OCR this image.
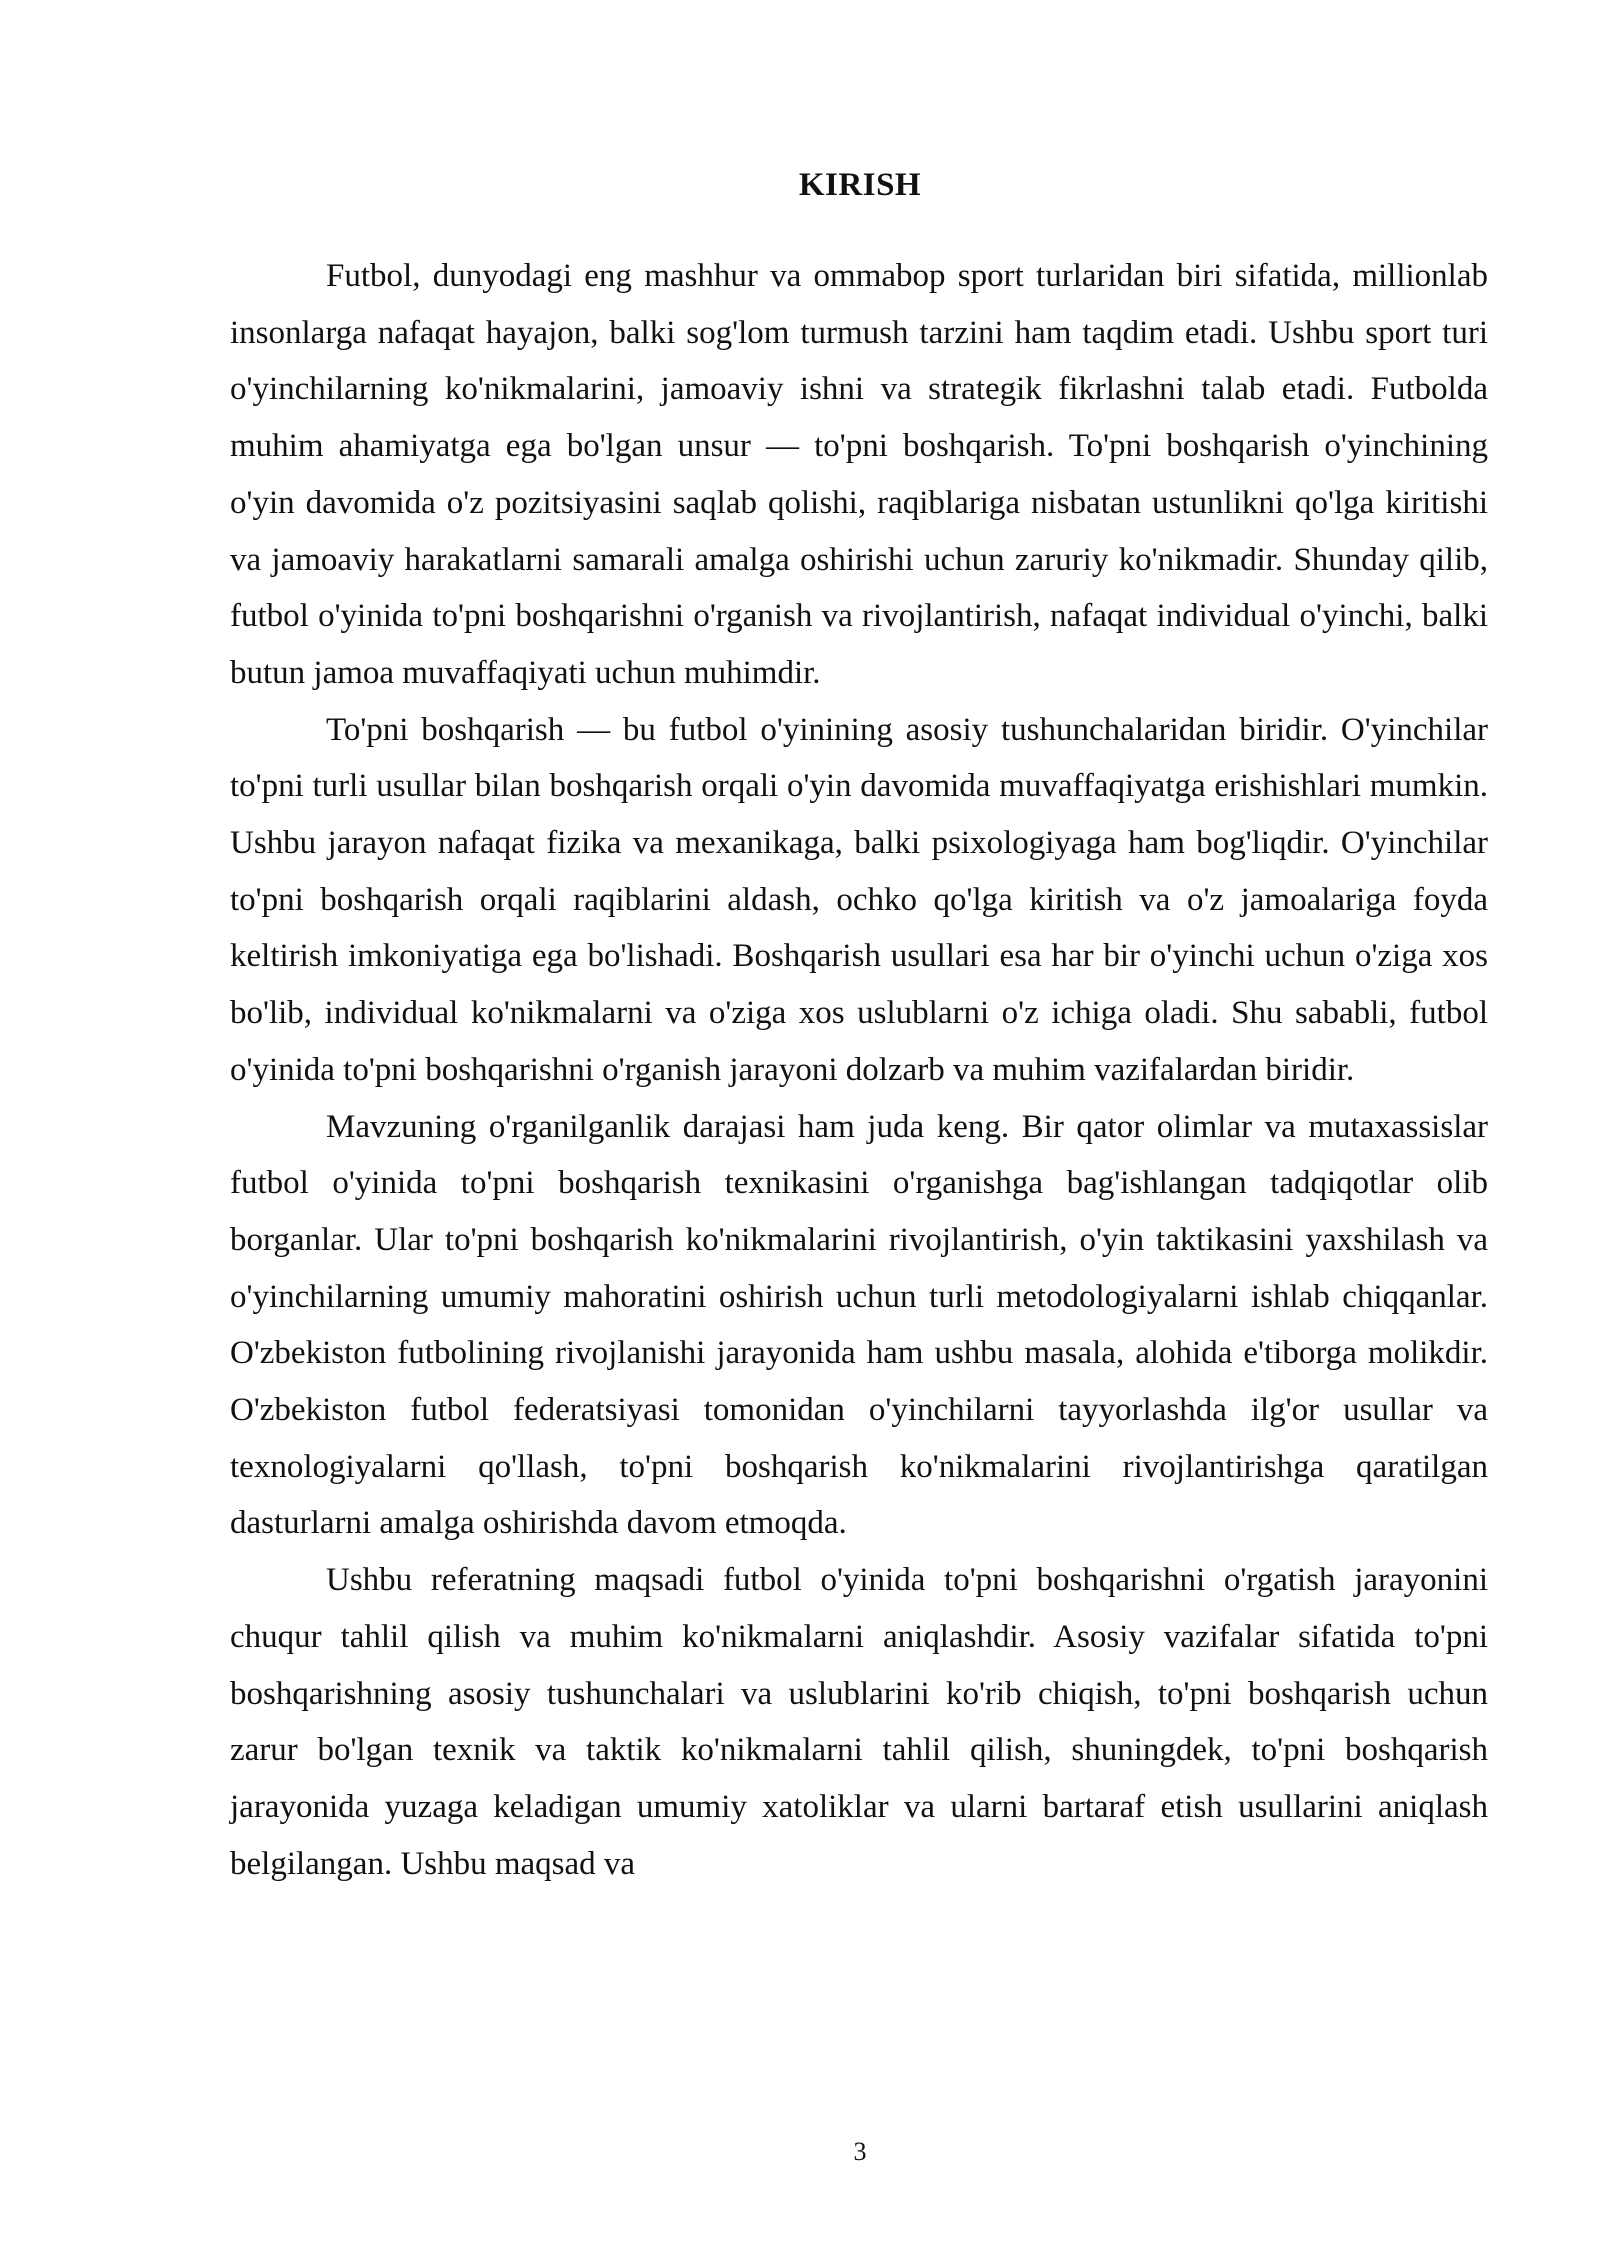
KIRISH

Futbol, dunyodagi eng mashhur va ommabop sport turlaridan biri sifatida, millionlab insonlarga nafaqat hayajon, balki sog'lom turmush tarzini ham taqdim etadi. Ushbu sport turi o'yinchilarning ko'nikmalarini, jamoaviy ishni va strategik fikrlashni talab etadi. Futbolda muhim ahamiyatga ega bo'lgan unsur — to'pni boshqarish. To'pni boshqarish o'yinchining o'yin davomida o'z pozitsiyasini saqlab qolishi, raqiblariga nisbatan ustunlikni qo'lga kiritishi va jamoaviy harakatlarni samarali amalga oshirishi uchun zaruriy ko'nikmadir. Shunday qilib, futbol o'yinida to'pni boshqarishni o'rganish va rivojlantirish, nafaqat individual o'yinchi, balki butun jamoa muvaffaqiyati uchun muhimdir.

To'pni boshqarish — bu futbol o'yinining asosiy tushunchalaridan biridir. O'yinchilar to'pni turli usullar bilan boshqarish orqali o'yin davomida muvaffaqiyatga erishishlari mumkin. Ushbu jarayon nafaqat fizika va mexanikaga, balki psixologiyaga ham bog'liqdir. O'yinchilar to'pni boshqarish orqali raqiblarini aldash, ochko qo'lga kiritish va o'z jamoalariga foyda keltirish imkoniyatiga ega bo'lishadi. Boshqarish usullari esa har bir o'yinchi uchun o'ziga xos bo'lib, individual ko'nikmalarni va o'ziga xos uslublarni o'z ichiga oladi. Shu sababli, futbol o'yinida to'pni boshqarishni o'rganish jarayoni dolzarb va muhim vazifalardan biridir.

Mavzuning o'rganilganlik darajasi ham juda keng. Bir qator olimlar va mutaxassislar futbol o'yinida to'pni boshqarish texnikasini o'rganishga bag'ishlangan tadqiqotlar olib borganlar. Ular to'pni boshqarish ko'nikmalarini rivojlantirish, o'yin taktikasini yaxshilash va o'yinchilarning umumiy mahoratini oshirish uchun turli metodologiyalarni ishlab chiqqanlar. O'zbekiston futbolining rivojlanishi jarayonida ham ushbu masala, alohida e'tiborga molikdir. O'zbekiston futbol federatsiyasi tomonidan o'yinchilarni tayyorlashda ilg'or usullar va texnologiyalarni qo'llash, to'pni boshqarish ko'nikmalarini rivojlantirishga qaratilgan dasturlarni amalga oshirishda davom etmoqda.

Ushbu referatning maqsadi futbol o'yinida to'pni boshqarishni o'rgatish jarayonini chuqur tahlil qilish va muhim ko'nikmalarni aniqlashdir. Asosiy vazifalar sifatida to'pni boshqarishning asosiy tushunchalari va uslublarini ko'rib chiqish, to'pni boshqarish uchun zarur bo'lgan texnik va taktik ko'nikmalarni tahlil qilish, shuningdek, to'pni boshqarish jarayonida yuzaga keladigan umumiy xatoliklar va ularni bartaraf etish usullarini aniqlash belgilangan. Ushbu maqsad va

3
